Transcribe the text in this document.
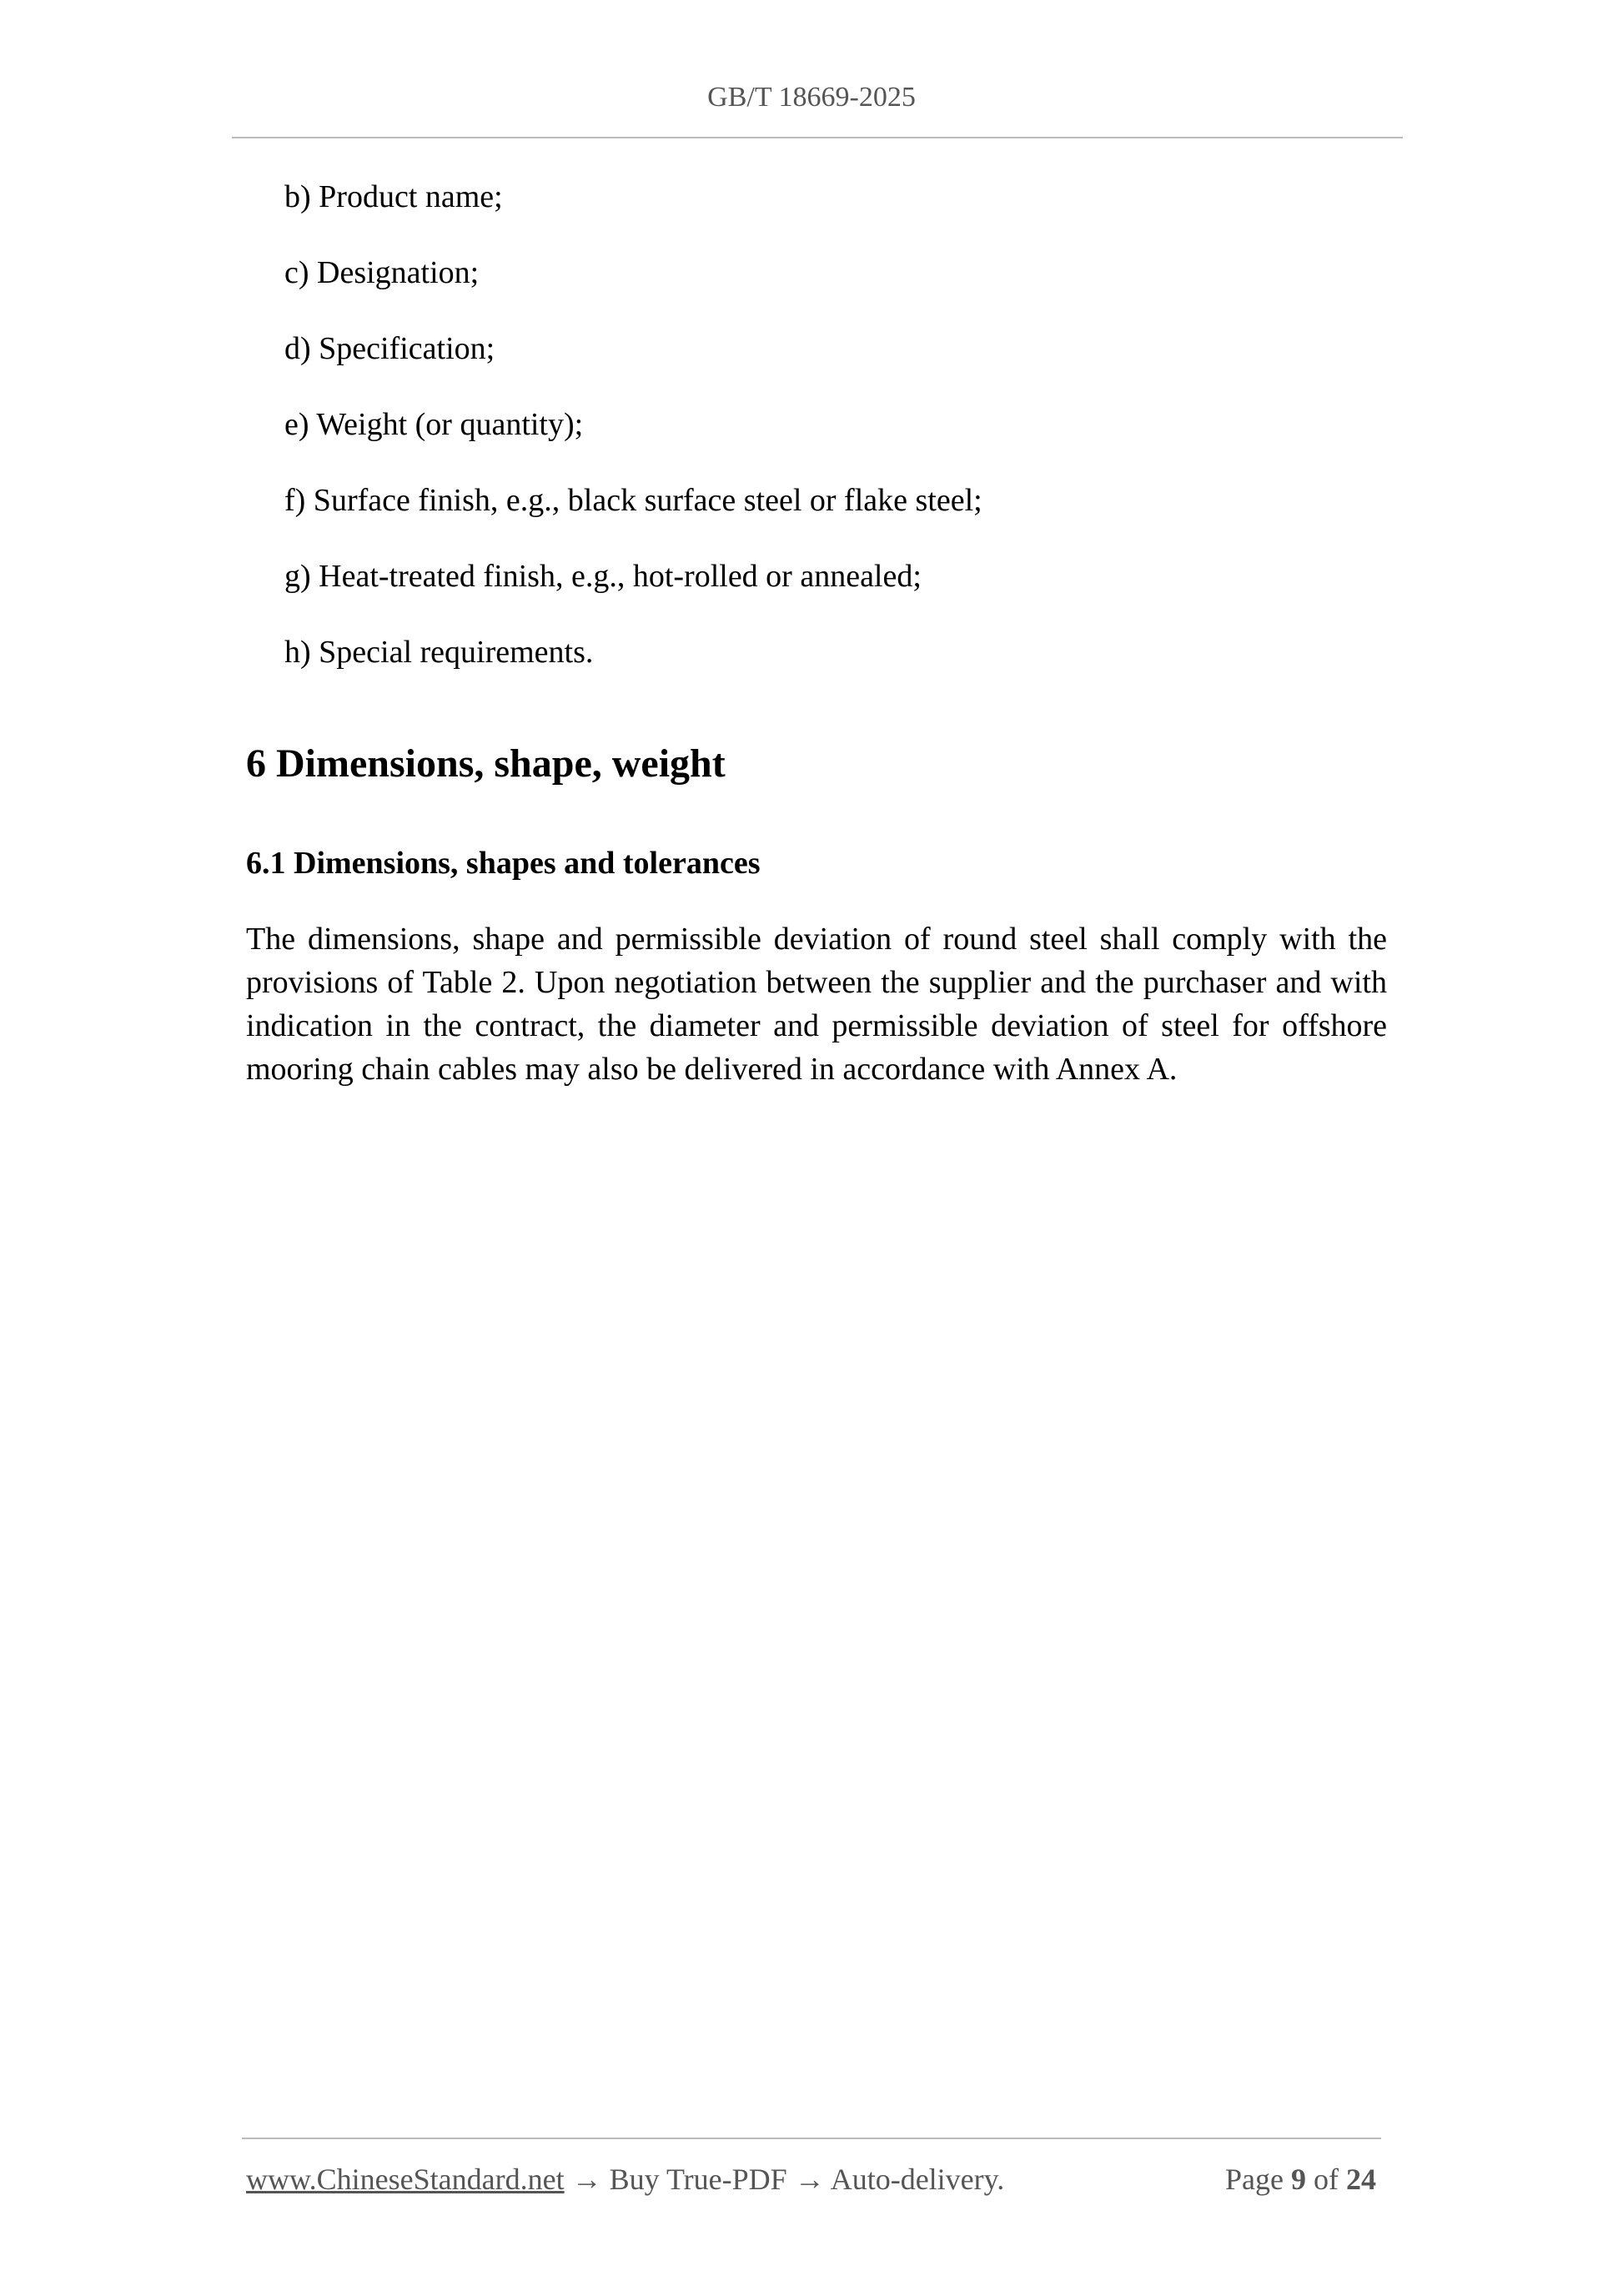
GB/T 18669-2025
b) Product name;
c) Designation;
d) Specification;
e) Weight (or quantity);
f) Surface finish, e.g., black surface steel or flake steel;
g) Heat-treated finish, e.g., hot-rolled or annealed;
h) Special requirements.
6 Dimensions, shape, weight
6.1 Dimensions, shapes and tolerances

The dimensions, shape and permissible deviation of round steel shall comply with the provisions of Table 2. Upon negotiation between the supplier and the purchaser and with indication in the contract, the diameter and permissible deviation of steel for offshore mooring chain cables may also be delivered in accordance with Annex A.

www.ChineseStandard.net → Buy True-PDF → Auto-delivery.	Page 9 of 24
